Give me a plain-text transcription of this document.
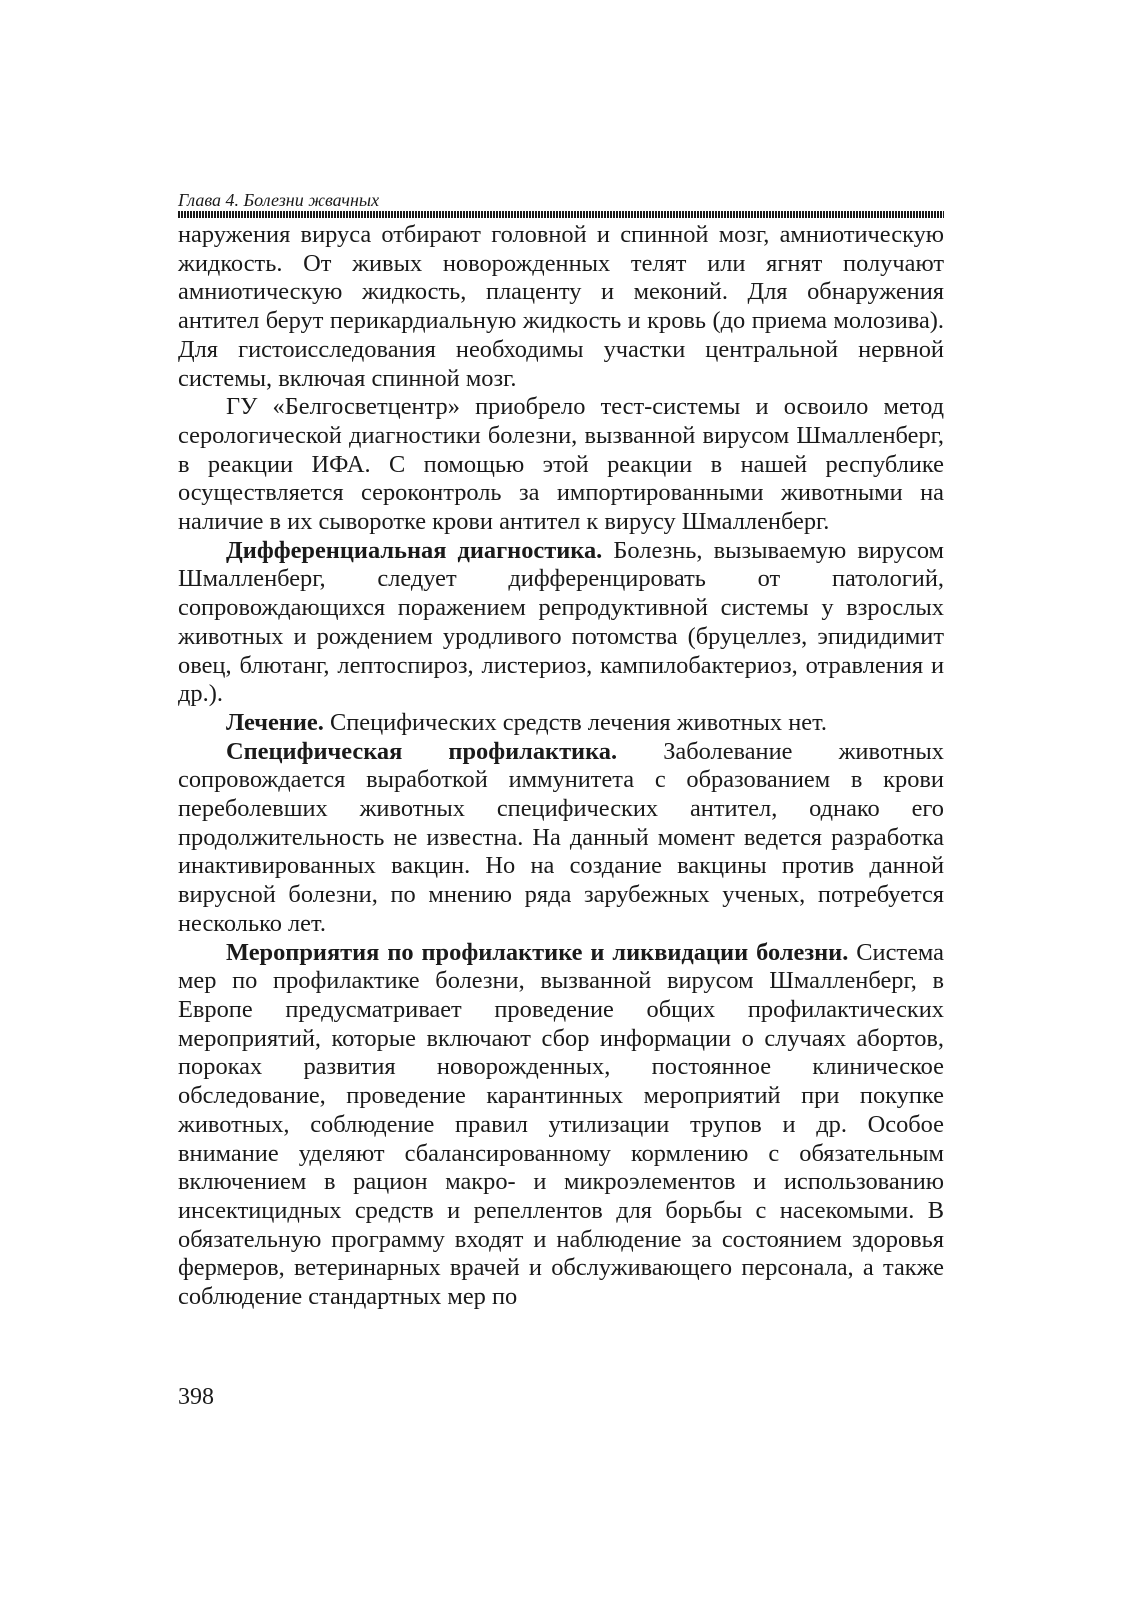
Глава 4. Болезни жвачных

наружения вируса отбирают головной и спинной мозг, амниотическую жидкость. От живых новорожденных телят или ягнят получают амниотическую жидкость, плаценту и меконий. Для обнаружения антител берут перикардиальную жидкость и кровь (до приема молозива). Для гистоисследования необходимы участки центральной нервной системы, включая спинной мозг.

ГУ «Белгосветцентр» приобрело тест-системы и освоило метод серологической диагностики болезни, вызванной вирусом Шмалленберг, в реакции ИФА. С помощью этой реакции в нашей республике осуществляется сероконтроль за импортированными животными на наличие в их сыворотке крови антител к вирусу Шмалленберг.

Дифференциальная диагностика. Болезнь, вызываемую вирусом Шмалленберг, следует дифференцировать от патологий, сопровождающихся поражением репродуктивной системы у взрослых животных и рождением уродливого потомства (бруцеллез, эпидидимит овец, блютанг, лептоспироз, листериоз, кампилобактериоз, отравления и др.).

Лечение. Специфических средств лечения животных нет.

Специфическая профилактика. Заболевание животных сопровождается выработкой иммунитета с образованием в крови переболевших животных специфических антител, однако его продолжительность не известна. На данный момент ведется разработка инактивированных вакцин. Но на создание вакцины против данной вирусной болезни, по мнению ряда зарубежных ученых, потребуется несколько лет.

Мероприятия по профилактике и ликвидации болезни. Система мер по профилактике болезни, вызванной вирусом Шмалленберг, в Европе предусматривает проведение общих профилактических мероприятий, которые включают сбор информации о случаях абортов, пороках развития новорожденных, постоянное клиническое обследование, проведение карантинных мероприятий при покупке животных, соблюдение правил утилизации трупов и др. Особое внимание уделяют сбалансированному кормлению с обязательным включением в рацион макро- и микроэлементов и использованию инсектицидных средств и репеллентов для борьбы с насекомыми. В обязательную программу входят и наблюдение за состоянием здоровья фермеров, ветеринарных врачей и обслуживающего персонала, а также соблюдение стандартных мер по

398
